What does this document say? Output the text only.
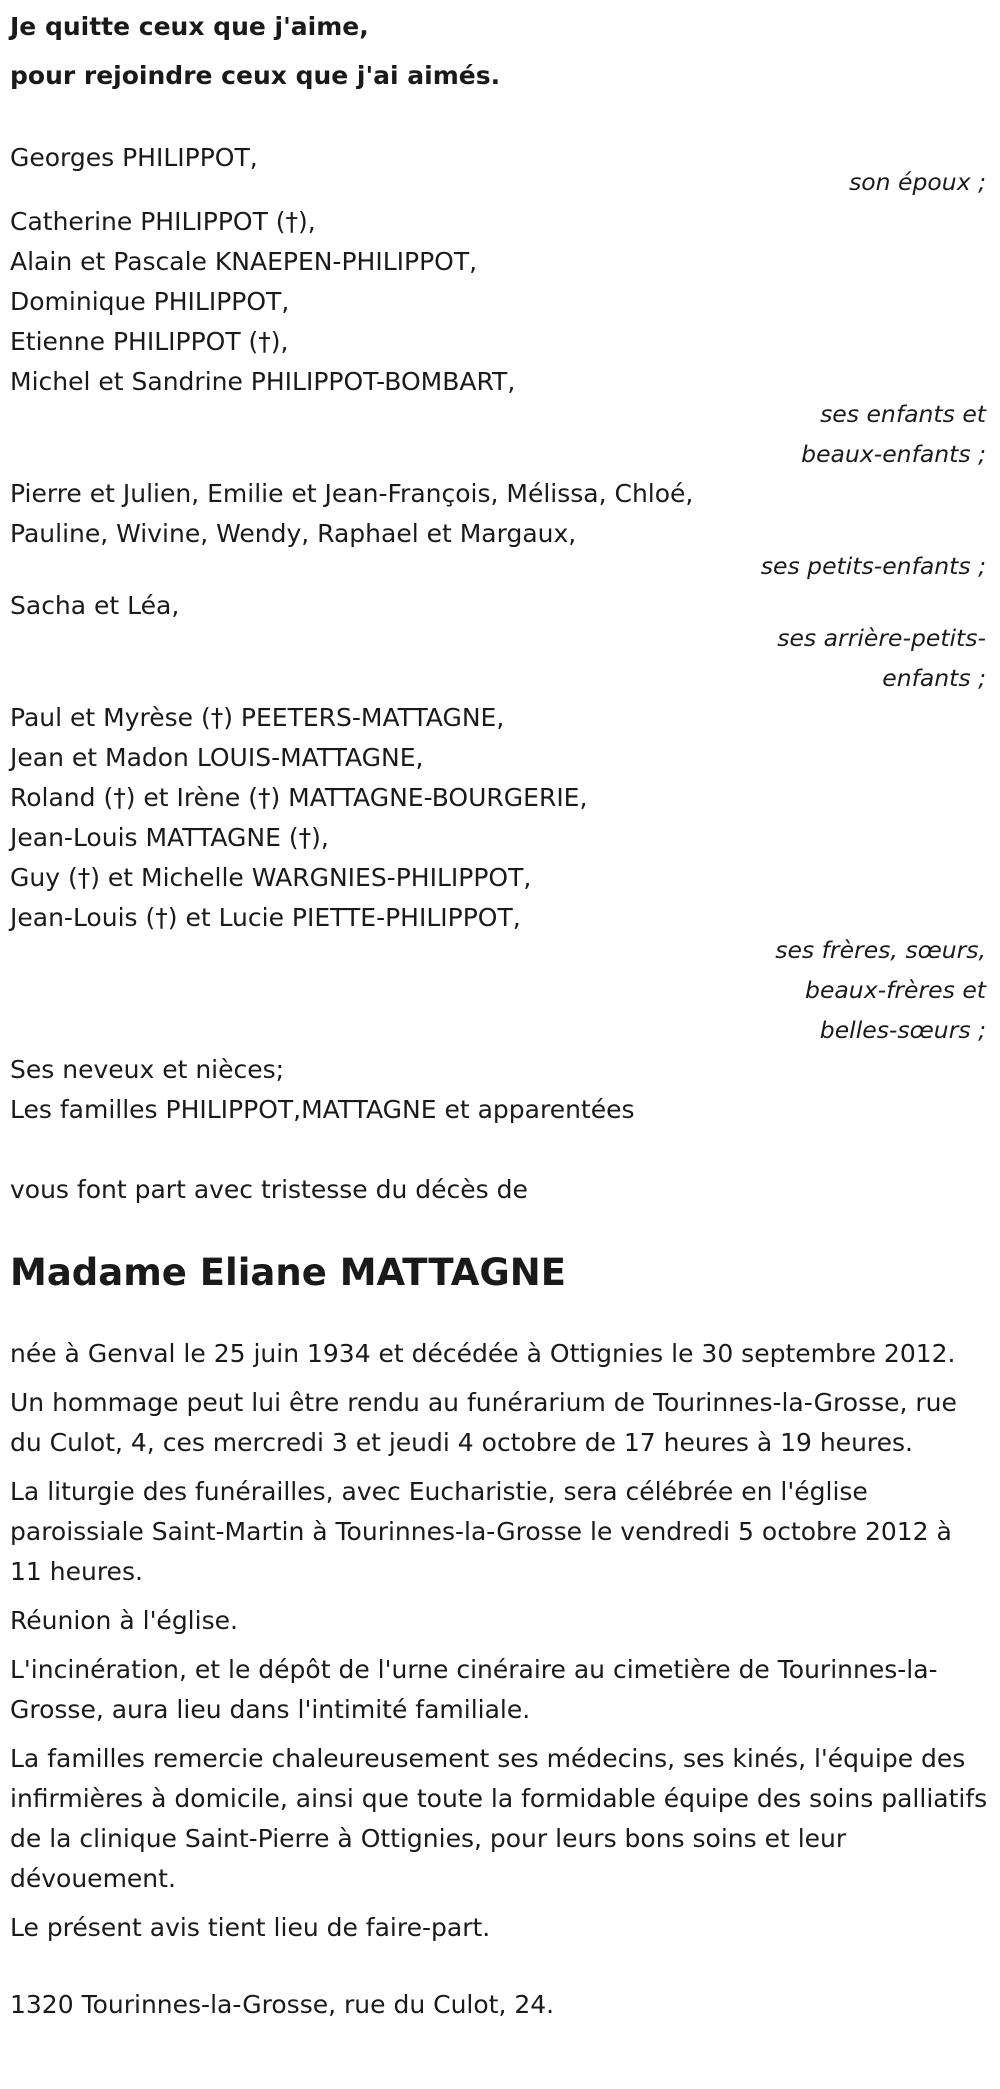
Je quitte ceux que j'aime,
pour rejoindre ceux que j'ai aimés.
Georges PHILIPPOT,
son époux ;
Catherine PHILIPPOT (†),
Alain et Pascale KNAEPEN-PHILIPPOT,
Dominique PHILIPPOT,
Etienne PHILIPPOT (†),
Michel et Sandrine PHILIPPOT-BOMBART,
ses enfants et
beaux-enfants ;
Pierre et Julien, Emilie et Jean-François, Mélissa, Chloé,
Pauline, Wivine, Wendy, Raphael et Margaux,
ses petits-enfants ;
Sacha et Léa,
ses arrière-petits-
enfants ;
Paul et Myrèse (†) PEETERS-MATTAGNE,
Jean et Madon LOUIS-MATTAGNE,
Roland (†) et Irène (†) MATTAGNE-BOURGERIE,
Jean-Louis MATTAGNE (†),
Guy (†) et Michelle WARGNIES-PHILIPPOT,
Jean-Louis (†) et Lucie PIETTE-PHILIPPOT,
ses frères, sœurs,
beaux-frères et
belles-sœurs ;
Ses neveux et nièces;
Les familles PHILIPPOT,MATTAGNE et apparentées
vous font part avec tristesse du décès de
Madame Eliane MATTAGNE
née à Genval le 25 juin 1934 et décédée à Ottignies le 30 septembre 2012.
Un hommage peut lui être rendu au funérarium de Tourinnes-la-Grosse, rue du Culot, 4, ces mercredi 3 et jeudi 4 octobre de 17 heures à 19 heures.
La liturgie des funérailles, avec Eucharistie, sera célébrée en l'église paroissiale Saint-Martin à Tourinnes-la-Grosse le vendredi 5 octobre 2012 à 11 heures.
Réunion à l'église.
L'incinération, et le dépôt de l'urne cinéraire au cimetière de Tourinnes-la-Grosse, aura lieu dans l'intimité familiale.
La familles remercie chaleureusement ses médecins, ses kinés, l'équipe des infirmières à domicile, ainsi que toute la formidable équipe des soins palliatifs de la clinique Saint-Pierre à Ottignies, pour leurs bons soins et leur dévouement.
Le présent avis tient lieu de faire-part.
1320 Tourinnes-la-Grosse, rue du Culot, 24.
